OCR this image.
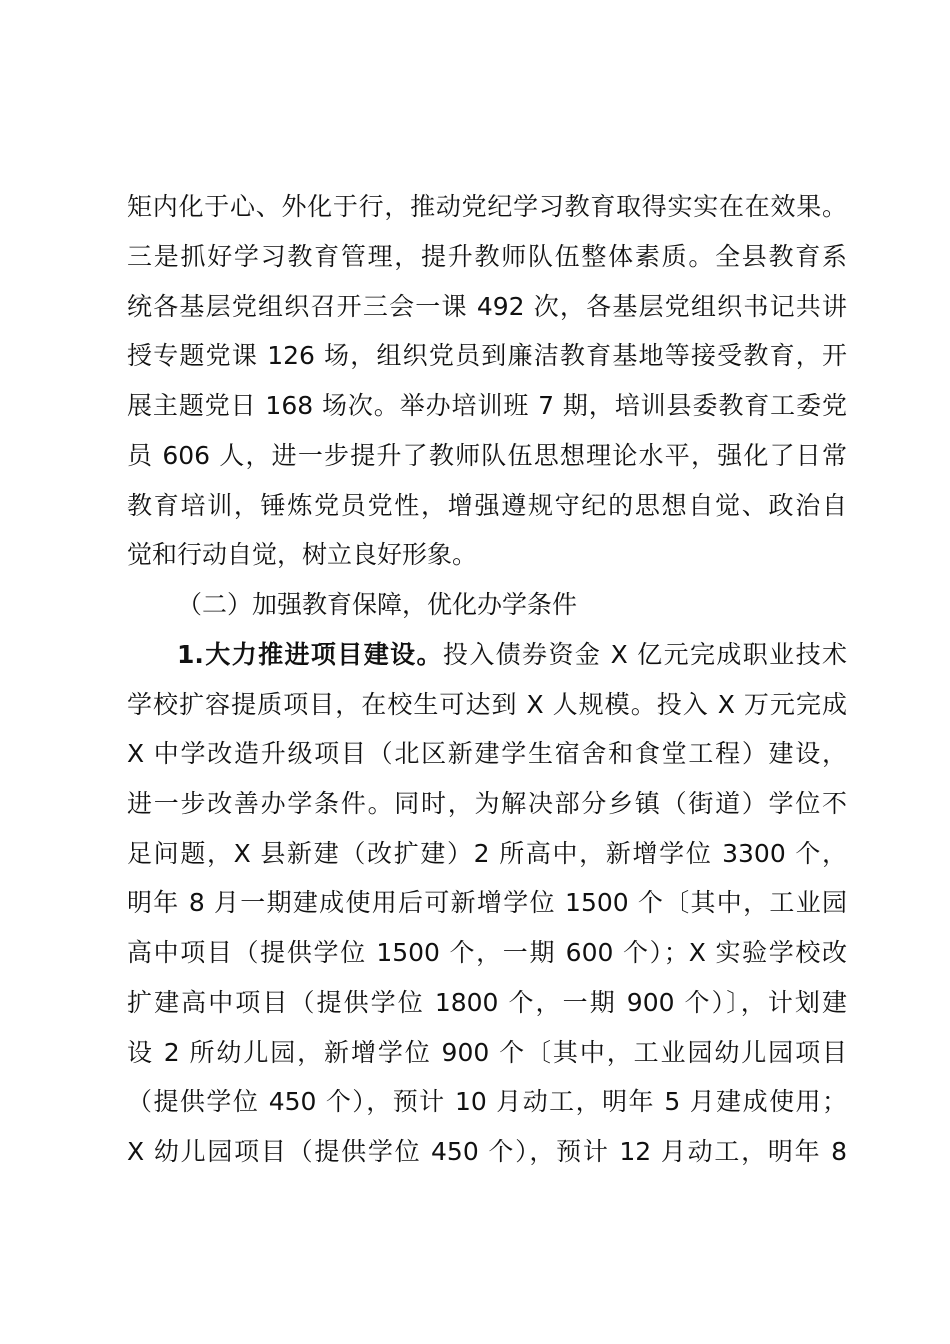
矩内化于心、外化于行，推动党纪学习教育取得实实在在效果。
三是抓好学习教育管理，提升教师队伍整体素质。全县教育系
统各基层党组织召开三会一课 492 次，各基层党组织书记共讲
授专题党课 126 场，组织党员到廉洁教育基地等接受教育，开
展主题党日 168 场次。举办培训班 7 期，培训县委教育工委党
员 606 人，进一步提升了教师队伍思想理论水平，强化了日常
教育培训，锤炼党员党性，增强遵规守纪的思想自觉、政治自
觉和行动自觉，树立良好形象。
（二）加强教育保障，优化办学条件
1.大力推进项目建设。投入债券资金 X 亿元完成职业技术
学校扩容提质项目，在校生可达到 X 人规模。投入 X 万元完成
X 中学改造升级项目（北区新建学生宿舍和食堂工程）建设，
进一步改善办学条件。同时，为解决部分乡镇（街道）学位不
足问题，X 县新建（改扩建）2 所高中，新增学位 3300 个，
明年 8 月一期建成使用后可新增学位 1500 个〔其中，工业园
高中项目（提供学位 1500 个，一期 600 个）；X 实验学校改
扩建高中项目（提供学位 1800 个，一期 900 个）〕，计划建
设 2 所幼儿园，新增学位 900 个〔其中，工业园幼儿园项目
（提供学位 450 个），预计 10 月动工，明年 5 月建成使用；
X 幼儿园项目（提供学位 450 个），预计 12 月动工，明年 8
